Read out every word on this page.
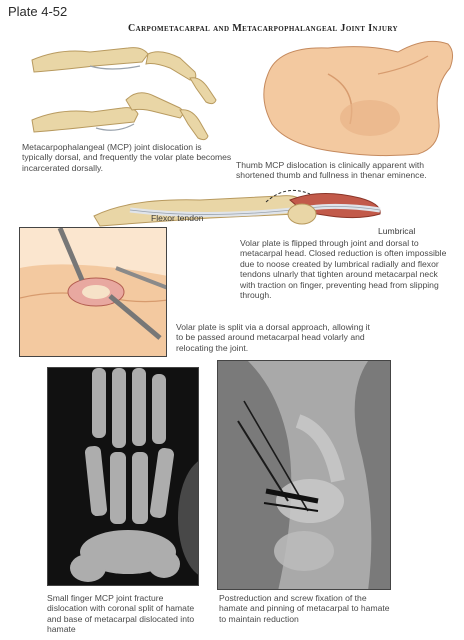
Plate 4-52
Carpometacarpal and Metacarpophalangeal Joint Injury
Metacarpophalangeal (MCP) joint dislocation is typically dorsal, and frequently the volar plate becomes incarcerated dorsally.	Thumb MCP dislocation is clinically apparent with shortened thumb and fullness in thenar eminence.
Flexor tendon
Lumbrical
Volar plate is flipped through joint and dorsal to metacarpal head. Closed reduction is often impossible due to noose created by lumbrical radially and flexor tendons ulnarly that tighten around metacarpal neck with traction on finger, preventing head from slipping through.
Volar plate is split via a dorsal approach, allowing it to be passed around metacarpal head volarly and relocating the joint.
Small finger MCP joint fracture dislocation with coronal split of hamate and base of metacarpal dislocated into hamate
Postreduction and screw fixation of the hamate and pinning of metacarpal to hamate to maintain reduction
